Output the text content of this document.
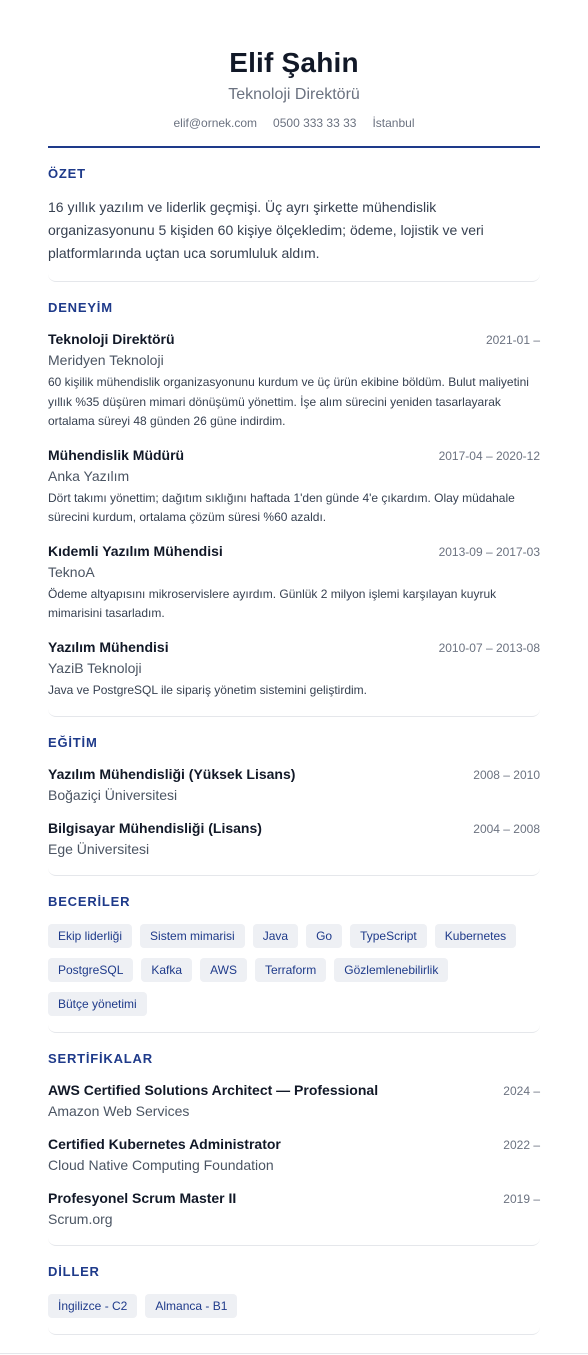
Elif Şahin
Teknoloji Direktörü
elif@ornek.com 0500 333 33 33 İstanbul
ÖZET
16 yıllık yazılım ve liderlik geçmişi. Üç ayrı şirkette mühendislik organizasyonunu 5 kişiden 60 kişiye ölçekledim; ödeme, lojistik ve veri platformlarında uçtan uca sorumluluk aldım.
DENEYİM
Teknoloji Direktörü	2021-01 –
Meridyen Teknoloji
60 kişilik mühendislik organizasyonunu kurdum ve üç ürün ekibine böldüm. Bulut maliyetini yıllık %35 düşüren mimari dönüşümü yönettim. İşe alım sürecini yeniden tasarlayarak ortalama süreyi 48 günden 26 güne indirdim.
Mühendislik Müdürü	2017-04 – 2020-12
Anka Yazılım
Dört takımı yönettim; dağıtım sıklığını haftada 1'den günde 4'e çıkardım. Olay müdahale sürecini kurdum, ortalama çözüm süresi %60 azaldı.
Kıdemli Yazılım Mühendisi	2013-09 – 2017-03
TeknoA
Ödeme altyapısını mikroservislere ayırdım. Günlük 2 milyon işlemi karşılayan kuyruk mimarisini tasarladım.
Yazılım Mühendisi	2010-07 – 2013-08
YaziB Teknoloji
Java ve PostgreSQL ile sipariş yönetim sistemini geliştirdim.
EĞİTİM
Yazılım Mühendisliği (Yüksek Lisans)	2008 – 2010
Boğaziçi Üniversitesi
Bilgisayar Mühendisliği (Lisans)	2004 – 2008
Ege Üniversitesi
BECERİLER
Ekip liderliği	Sistem mimarisi	Java	Go	TypeScript	Kubernetes
PostgreSQL	Kafka	AWS	Terraform	Gözlemlenebilirlik
Bütçe yönetimi
SERTİFİKALAR
AWS Certified Solutions Architect — Professional	2024 –
Amazon Web Services
Certified Kubernetes Administrator	2022 –
Cloud Native Computing Foundation
Profesyonel Scrum Master II	2019 –
Scrum.org
DİLLER
İngilizce - C2	Almanca - B1
